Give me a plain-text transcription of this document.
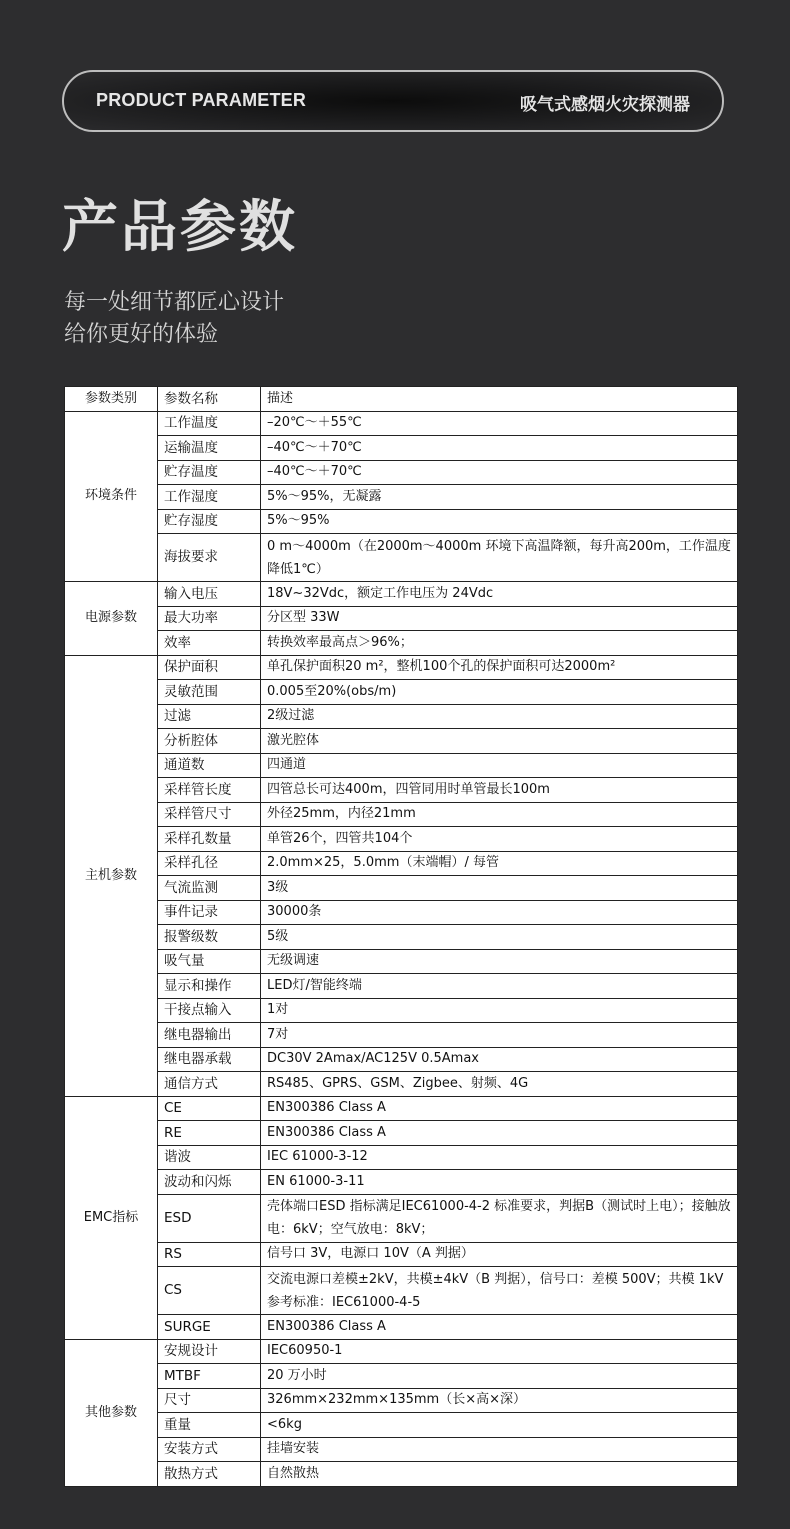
PRODUCT PARAMETER	吸气式感烟火灾探测器
产品参数
每一处细节都匠心设计
给你更好的体验
参数类别	参数名称	描述
环境条件	工作温度	–20℃～＋55℃
	运输温度	–40℃～＋70℃
	贮存温度	–40℃～＋70℃
	工作湿度	5%～95%，无凝露
	贮存湿度	5%～95%
	海拔要求	0 m～4000m（在2000m～4000m 环境下高温降额，每升高200m，工作温度降低1℃）
电源参数	输入电压	18V~32Vdc，额定工作电压为 24Vdc
	最大功率	分区型 33W
	效率	转换效率最高点＞96%；
主机参数	保护面积	单孔保护面积20 m²，整机100个孔的保护面积可达2000m²
	灵敏范围	0.005至20%(obs/m)
	过滤	2级过滤
	分析腔体	激光腔体
	通道数	四通道
	采样管长度	四管总长可达400m，四管同用时单管最长100m
	采样管尺寸	外径25mm，内径21mm
	采样孔数量	单管26个，四管共104个
	采样孔径	2.0mm×25，5.0mm（末端帽）/ 每管
	气流监测	3级
	事件记录	30000条
	报警级数	5级
	吸气量	无级调速
	显示和操作	LED灯/智能终端
	干接点输入	1对
	继电器输出	7对
	继电器承载	DC30V 2Amax/AC125V 0.5Amax
	通信方式	RS485、GPRS、GSM、Zigbee、射频、4G
EMC指标	CE	EN300386 Class A
	RE	EN300386 Class A
	谐波	IEC 61000-3-12
	波动和闪烁	EN 61000-3-11
	ESD	壳体端口ESD 指标满足IEC61000-4-2 标准要求，判据B（测试时上电）；接触放电：6kV；空气放电：8kV；
	RS	信号口 3V，电源口 10V（A 判据）
	CS	交流电源口差模±2kV，共模±4kV（B 判据），信号口：差模 500V；共模 1kV 参考标准：IEC61000-4-5
	SURGE	EN300386 Class A
其他参数	安规设计	IEC60950-1
	MTBF	20 万小时
	尺寸	326mm×232mm×135mm（长×高×深）
	重量	<6kg
	安装方式	挂墙安装
	散热方式	自然散热
